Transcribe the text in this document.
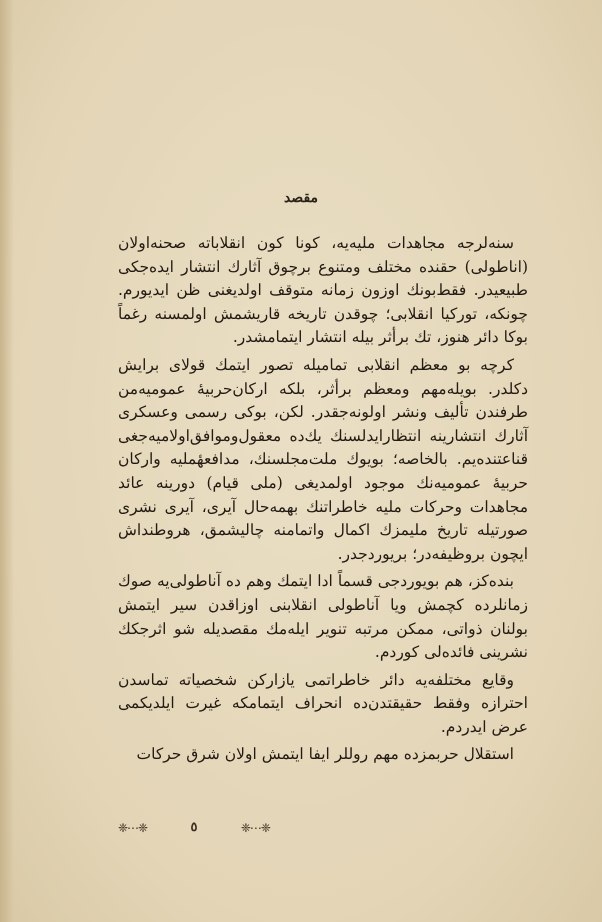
مقصد

سنه‌لرجه مجاهدات ملیه‌یه، کونا کون انقلاباته صحنه‌اولان (اناطولی) حقنده مختلف ومتنوع برچوق آثارك انتشار ایده‌جکی طبیعیدر. فقط‌بونك اوزون زمانه متوقف اولدیغنی ظن ایدیورم. چونکه، تورکیا انقلابی؛ چوقدن تاریخه قاریشمش اولمسنه رغماً بوکا دائر هنوز، تك برأثر بیله انتشار ایتمامشدر.

کرچه بو معظم انقلابی تماميله تصور ایتمك قولای برایش دکلدر. بویله‌مهم ومعظم برأثر، بلکه ارکان‌حربیهٔ عمومیه‌من طرفندن تألیف ونشر اولونه‌جقدر. لکن، بوکی رسمی وعسکری آثارك انتشارینه انتظارایدلسنك یك‌ده معقول‌وموافق‌اولامیه‌جغی قناعتنده‌یم. بالخاصه؛ بویوك ملت‌مجلسنك، مدافعهٔملیه وارکان حربیهٔ عمومیه‌نك موجود اولمدیغی (ملی قیام) دورینه عائد مجاهدات وحرکات ملیه خاطراتنك بهمه‌حال آیری، آیری نشری صورتیله تاریخ ملیمزك اکمال واتمامنه چالیشمق، هروطنداش ایچون بروظیفه‌در؛ بریوردجدر.

بنده‌کز، هم بویوردجی قسماً ادا ایتمك وهم ده آناطولی‌یه صوك زمانلرده کچمش ویا آناطولی انقلابنی اوزاقدن سیر ایتمش بولنان ذواتی، ممکن مرتبه تنویر ایله‌مك مقصدیله شو اثرجکك نشرینی فائده‌لی کوردم.

وقایع مختلفه‌یه دائر خاطراتمی یازارکن شخصیاته تماسدن احترازه وفقط حقیقتدن‌ده انحراف ایتمامکه غیرت ایلدیکمی عرض ایدردم.

استقلال حربمزده مهم روللر ایفا ایتمش اولان شرق حرکات

❈⋯❈	٥	❈⋯❈
